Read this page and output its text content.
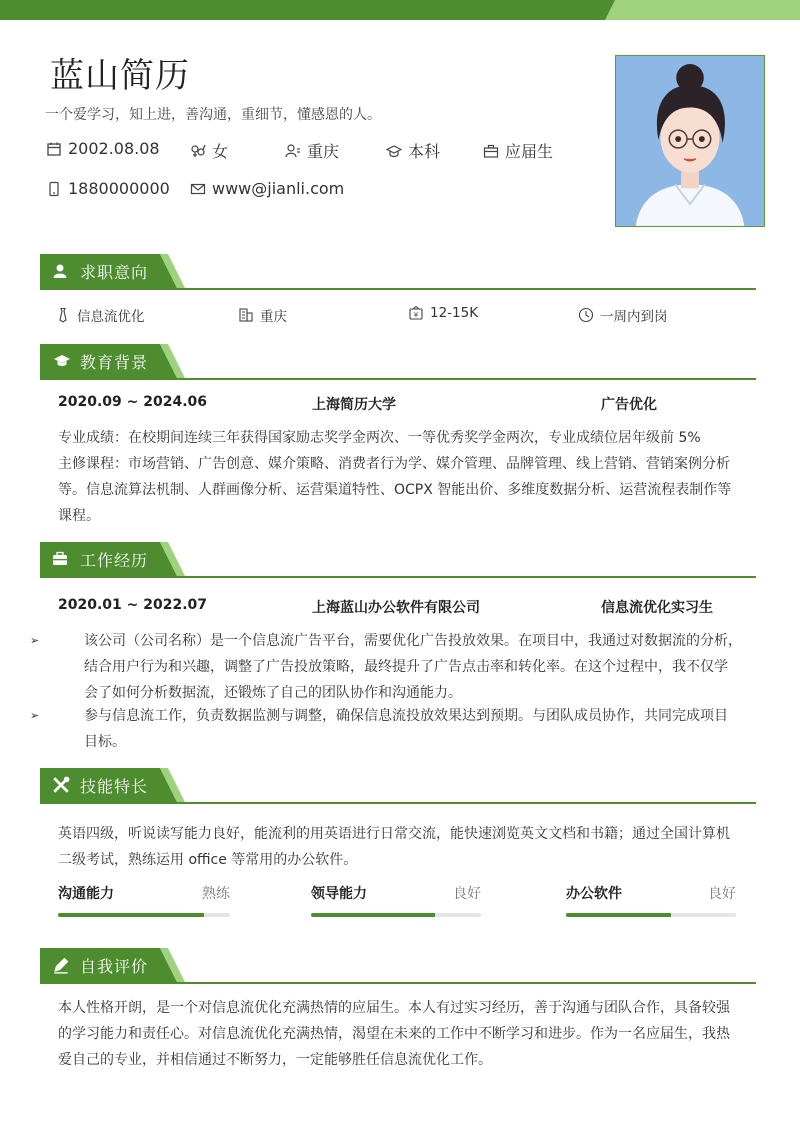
蓝山简历
一个爱学习，知上进，善沟通，重细节，懂感恩的人。
2002.08.08	女	重庆	本科	应届生
1880000000	www@jianli.com
求职意向
信息流优化	重庆	¥ 12-15K	一周内到岗
教育背景
2020.09 ~ 2024.06	上海简历大学	广告优化
专业成绩：在校期间连续三年获得国家励志奖学金两次、一等优秀奖学金两次，专业成绩位居年级前 5%
主修课程：市场营销、广告创意、媒介策略、消费者行为学、媒介管理、品牌管理、线上营销、营销案例分析
等。信息流算法机制、人群画像分析、运营渠道特性、OCPX 智能出价、多维度数据分析、运营流程表制作等
课程。
工作经历
2020.01 ~ 2022.07	上海蓝山办公软件有限公司	信息流优化实习生
➢	该公司（公司名称）是一个信息流广告平台，需要优化广告投放效果。在项目中，我通过对数据流的分析，
结合用户行为和兴趣，调整了广告投放策略，最终提升了广告点击率和转化率。在这个过程中，我不仅学
会了如何分析数据流，还锻炼了自己的团队协作和沟通能力。
➢	参与信息流工作，负责数据监测与调整，确保信息流投放效果达到预期。与团队成员协作，共同完成项目
目标。
技能特长
英语四级，听说读写能力良好，能流利的用英语进行日常交流，能快速浏览英文文档和书籍；通过全国计算机
二级考试，熟练运用 office 等常用的办公软件。
沟通能力	熟练	领导能力	良好	办公软件	良好
自我评价
本人性格开朗，是一个对信息流优化充满热情的应届生。本人有过实习经历，善于沟通与团队合作，具备较强
的学习能力和责任心。对信息流优化充满热情，渴望在未来的工作中不断学习和进步。作为一名应届生，我热
爱自己的专业，并相信通过不断努力，一定能够胜任信息流优化工作。
